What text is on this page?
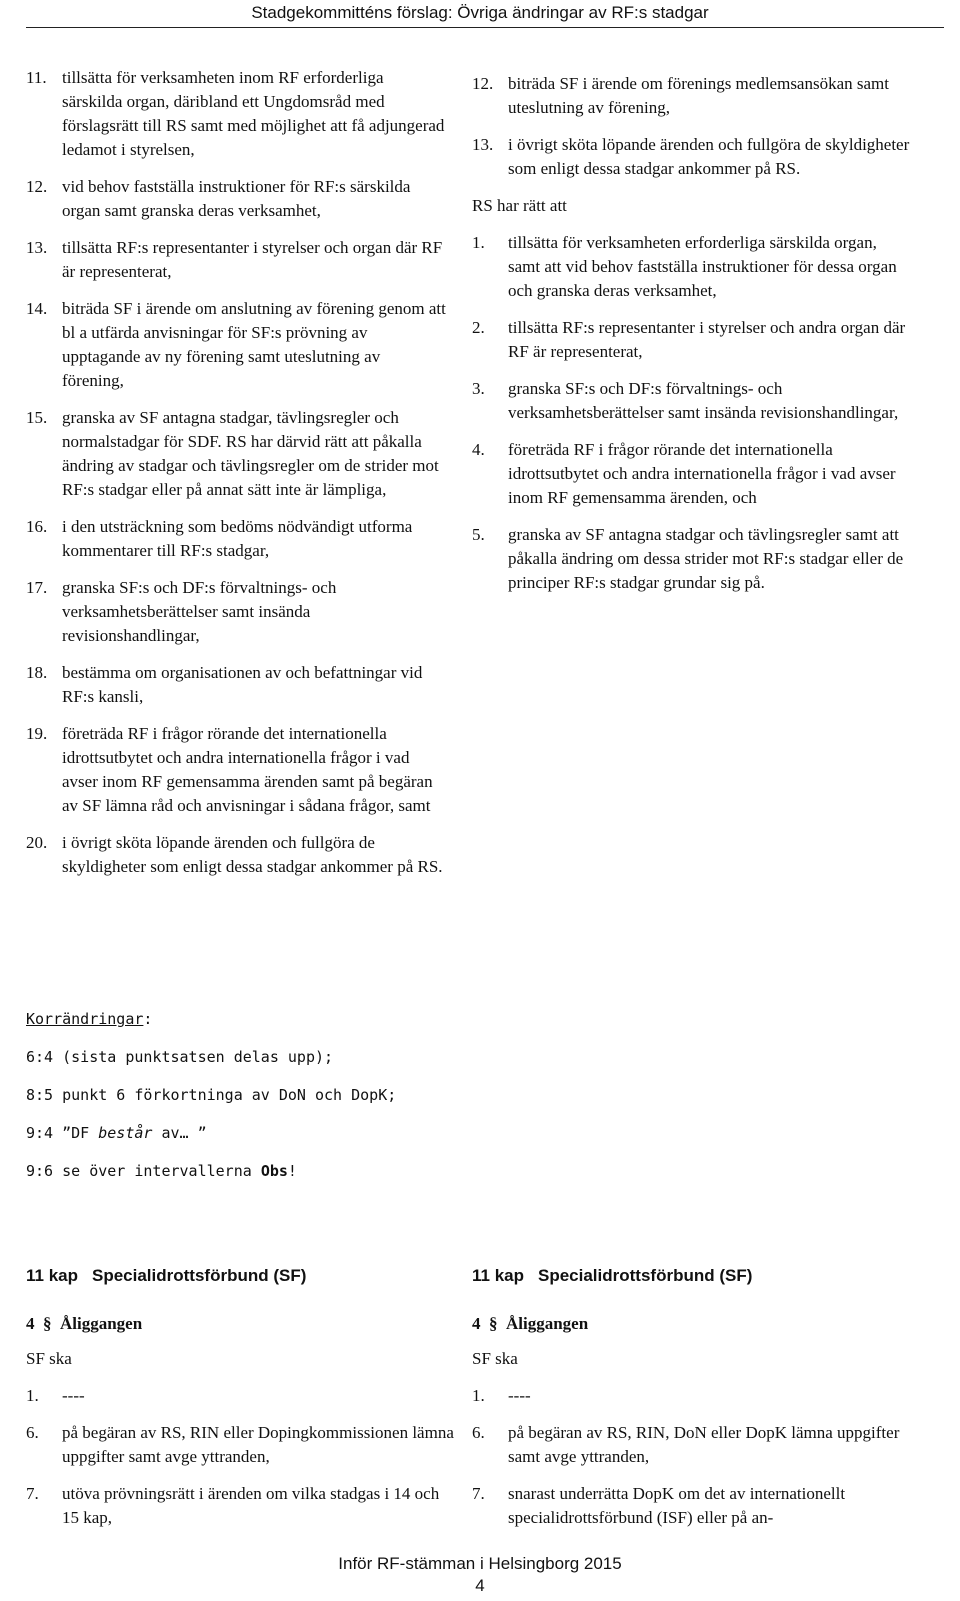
Stadgekommitténs förslag: Övriga ändringar av RF:s stadgar
11. tillsätta för verksamheten inom RF erforderliga särskilda organ, däribland ett Ungdomsråd med förslagsrätt till RS samt med möjlighet att få adjungerad ledamot i styrelsen,
12. vid behov fastställa instruktioner för RF:s särskilda organ samt granska deras verksamhet,
13. tillsätta RF:s representanter i styrelser och organ där RF är representerat,
14. biträda SF i ärende om anslutning av förening genom att bl a utfärda anvisningar för SF:s prövning av upptagande av ny förening samt uteslutning av förening,
15. granska av SF antagna stadgar, tävlingsregler och normalstadgar för SDF. RS har därvid rätt att påkalla ändring av stadgar och tävlingsregler om de strider mot RF:s stadgar eller på annat sätt inte är lämpliga,
16. i den utsträckning som bedöms nödvändigt utforma kommentarer till RF:s stadgar,
17. granska SF:s och DF:s förvaltnings- och verksamhetsberättelser samt insända revisionshandlingar,
18. bestämma om organisationen av och befattningar vid RF:s kansli,
19. företräda RF i frågor rörande det internationella idrottsutbytet och andra internationella frågor i vad avser inom RF gemensamma ärenden samt på begäran av SF lämna råd och anvisningar i sådana frågor, samt
20. i övrigt sköta löpande ärenden och fullgöra de skyldigheter som enligt dessa stadgar ankommer på RS.
12. biträda SF i ärende om förenings medlemsansökan samt uteslutning av förening,
13. i övrigt sköta löpande ärenden och fullgöra de skyldigheter som enligt dessa stadgar ankommer på RS.
RS har rätt att
1.	tillsätta för verksamheten erforderliga särskilda organ, samt att vid behov fastställa instruktioner för dessa organ och granska deras verksamhet,
2.	tillsätta RF:s representanter i styrelser och andra organ där RF är representerat,
3.	granska SF:s och DF:s förvaltnings- och verksamhetsberättelser samt insända revisionshandlingar,
4.	företräda RF i frågor rörande det internationella idrottsutbytet och andra internationella frågor i vad avser inom RF gemensamma ärenden, och
5.	granska av SF antagna stadgar och tävlingsregler samt att påkalla ändring om dessa strider mot RF:s stadgar eller de principer RF:s stadgar grundar sig på.
Korrändringar:
6:4 (sista punktsatsen delas upp);
8:5 punkt 6 förkortninga av DoN och DopK;
9:4 ”DF består av… ”
9:6 se över intervallerna Obs!
11 kap Specialidrottsförbund (SF)
4 § Åliggangen
SF ska
1.	----
6.	på begäran av RS, RIN eller Dopingkommissionen lämna uppgifter samt avge yttranden,
7.	utöva prövningsrätt i ärenden om vilka stadgas i 14 och 15 kap,
11 kap Specialidrottsförbund (SF)
4 § Åliggangen
SF ska
1.	----
6.	på begäran av RS, RIN, DoN eller DopK lämna uppgifter samt avge yttranden,
7.	snarast underrätta DopK om det av internationellt specialidrottsförbund (ISF) eller på an-
Inför RF-stämman i Helsingborg 2015
4
